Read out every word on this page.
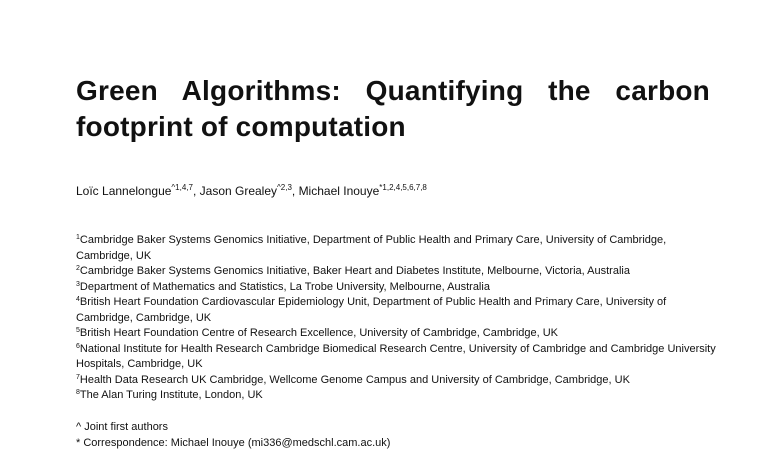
Green Algorithms: Quantifying the carbon footprint of computation
Loïc Lannelongue$^{\^{}1,4,7}$, Jason Grealey$^{\^{}2,3}$, Michael Inouye$^{*1,2,4,5,6,7,8}$

$^1$Cambridge Baker Systems Genomics Initiative, Department of Public Health and Primary Care, University of Cambridge, Cambridge, UK

$^2$Cambridge Baker Systems Genomics Initiative, Baker Heart and Diabetes Institute, Melbourne, Victoria, Australia

$^3$Department of Mathematics and Statistics, La Trobe University, Melbourne, Australia

$^4$British Heart Foundation Cardiovascular Epidemiology Unit, Department of Public Health and Primary Care, University of Cambridge, Cambridge, UK

$^5$British Heart Foundation Centre of Research Excellence, University of Cambridge, Cambridge, UK

$^6$National Institute for Health Research Cambridge Biomedical Research Centre, University of Cambridge and Cambridge University Hospitals, Cambridge, UK

$^7$Health Data Research UK Cambridge, Wellcome Genome Campus and University of Cambridge, Cambridge, UK

$^8$The Alan Turing Institute, London, UK

^ Joint first authors
* Correspondence: Michael Inouye (mi336@medschl.cam.ac.uk)
